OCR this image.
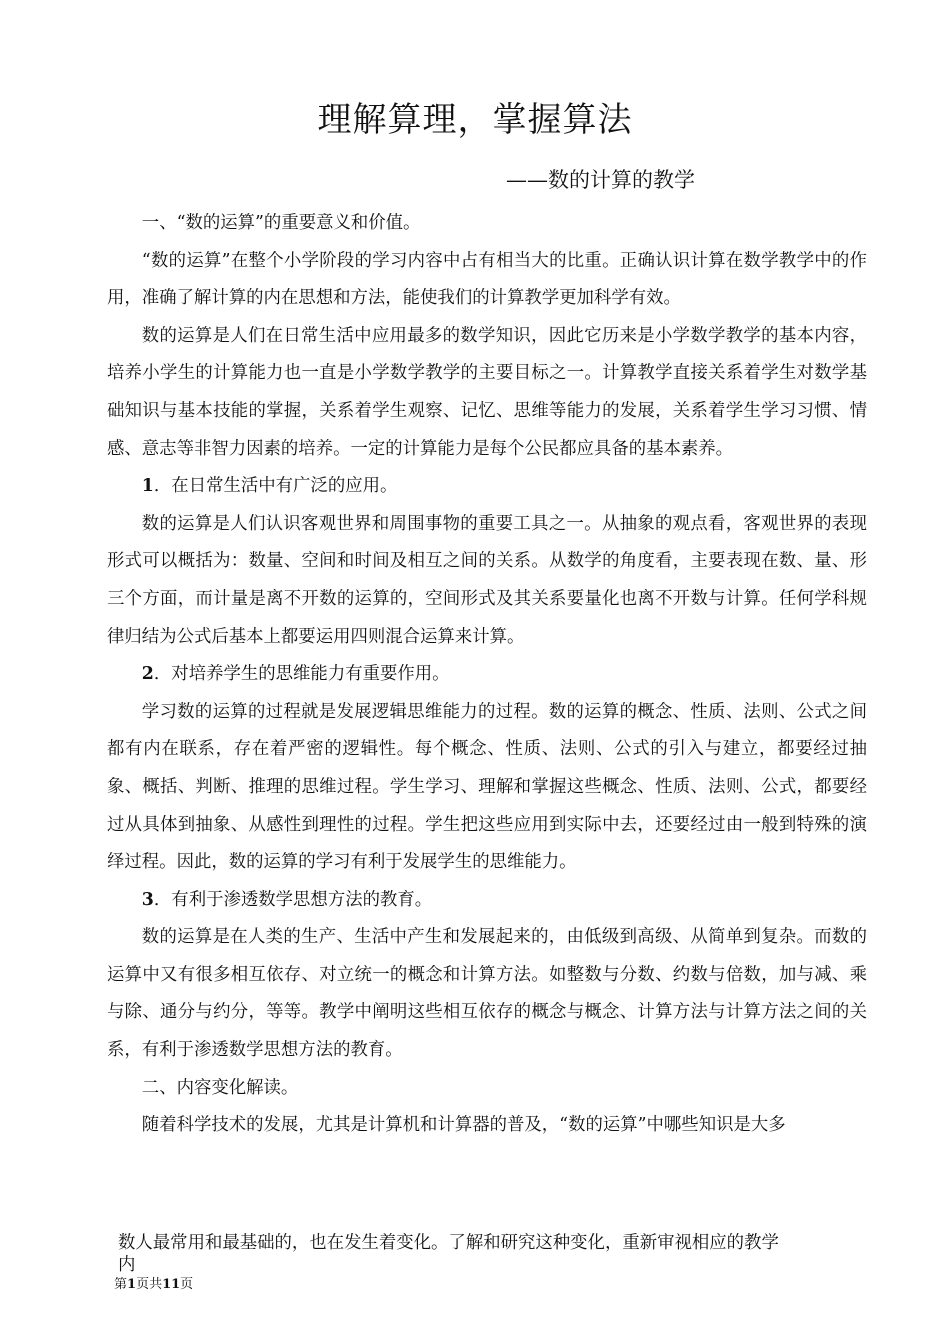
理解算理，掌握算法
——数的计算的教学

一、“数的运算”的重要意义和价值。

“数的运算”在整个小学阶段的学习内容中占有相当大的比重。正确认识计算在数学教学中的作用，准确了解计算的内在思想和方法，能使我们的计算教学更加科学有效。

数的运算是人们在日常生活中应用最多的数学知识，因此它历来是小学数学教学的基本内容，培养小学生的计算能力也一直是小学数学教学的主要目标之一。计算教学直接关系着学生对数学基础知识与基本技能的掌握，关系着学生观察、记忆、思维等能力的发展，关系着学生学习习惯、情感、意志等非智力因素的培养。一定的计算能力是每个公民都应具备的基本素养。

1．在日常生活中有广泛的应用。

数的运算是人们认识客观世界和周围事物的重要工具之一。从抽象的观点看，客观世界的表现形式可以概括为：数量、空间和时间及相互之间的关系。从数学的角度看，主要表现在数、量、形三个方面，而计量是离不开数的运算的，空间形式及其关系要量化也离不开数与计算。任何学科规律归结为公式后基本上都要运用四则混合运算来计算。

2．对培养学生的思维能力有重要作用。

学习数的运算的过程就是发展逻辑思维能力的过程。数的运算的概念、性质、法则、公式之间都有内在联系，存在着严密的逻辑性。每个概念、性质、法则、公式的引入与建立，都要经过抽象、概括、判断、推理的思维过程。学生学习、理解和掌握这些概念、性质、法则、公式，都要经过从具体到抽象、从感性到理性的过程。学生把这些应用到实际中去，还要经过由一般到特殊的演绎过程。因此，数的运算的学习有利于发展学生的思维能力。

3．有利于渗透数学思想方法的教育。

数的运算是在人类的生产、生活中产生和发展起来的，由低级到高级、从简单到复杂。而数的运算中又有很多相互依存、对立统一的概念和计算方法。如整数与分数、约数与倍数，加与减、乘与除、通分与约分，等等。教学中阐明这些相互依存的概念与概念、计算方法与计算方法之间的关系，有利于渗透数学思想方法的教育。

二、内容变化解读。

随着科学技术的发展，尤其是计算机和计算器的普及，“数的运算”中哪些知识是大多

数人最常用和最基础的，也在发生着变化。了解和研究这种变化，重新审视相应的教学
内
第1页共11页
